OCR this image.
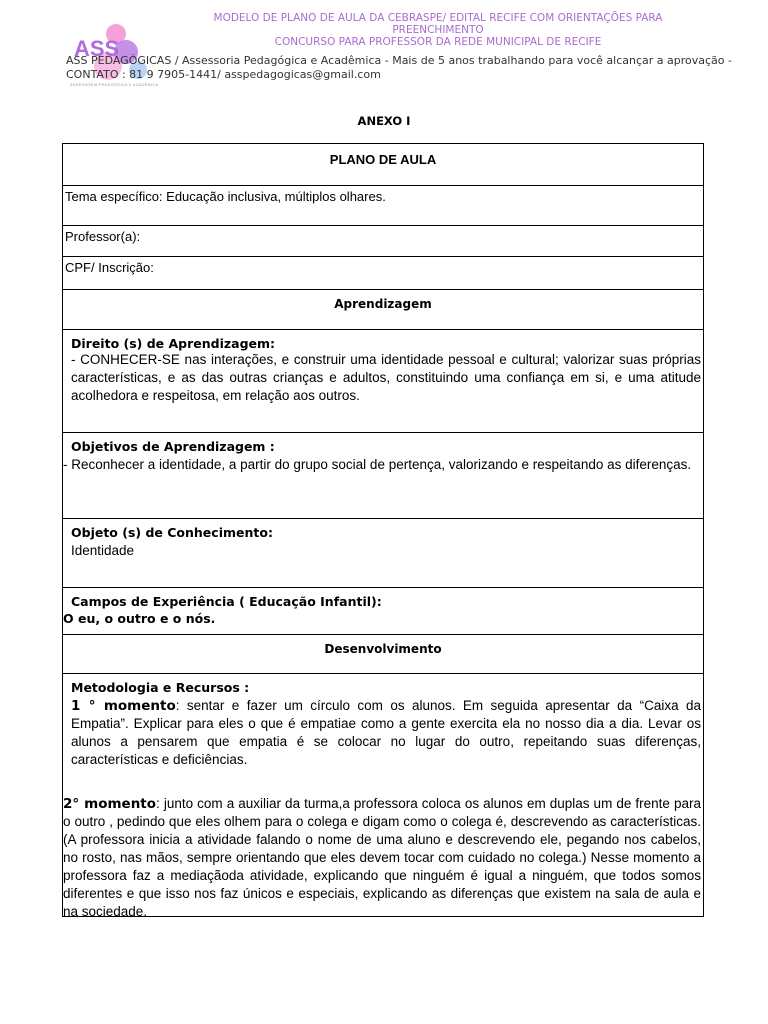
ASS
MODELO DE PLANO DE AULA DA CEBRASPE/ EDITAL RECIFE COM ORIENTAÇÕES PARA
PREENCHIMENTO
CONCURSO PARA PROFESSOR DA REDE MUNICIPAL DE RECIFE
ASS PEDAGÓGICAS / Assessoria Pedagógica e Acadêmica - Mais de 5 anos trabalhando para você alcançar a aprovação -
CONTATO : 81 9 7905-1441/ asspedagogicas@gmail.com
ASSESSORIA PEDAGÓGICA E ACADÊMICA
ANEXO I
PLANO DE AULA
Tema específico: Educação inclusiva, múltiplos olhares.
Professor(a):
CPF/ Inscrição:
Aprendizagem
Direito (s) de Aprendizagem:
- CONHECER-SE nas interações, e construir uma identidade pessoal e cultural; valorizar suas próprias características, e as das outras crianças e adultos, constituindo uma confiança em si, e uma atitude acolhedora e respeitosa, em relação aos outros.
Objetivos de Aprendizagem :
- Reconhecer a identidade, a partir do grupo social de pertença, valorizando e respeitando as diferenças.
Objeto (s) de Conhecimento:
Identidade
Campos de Experiência ( Educação Infantil):
O eu, o outro e o nós.
Desenvolvimento
Metodologia e Recursos :
1 ° momento: sentar e fazer um círculo com os alunos. Em seguida apresentar da “Caixa da Empatia”. Explicar para eles o que é empatiae como a gente exercita ela no nosso dia a dia. Levar os alunos a pensarem que empatia é se colocar no lugar do outro, repeitando suas diferenças, características e deficiências.
2° momento: junto com a auxiliar da turma,a professora coloca os alunos em duplas um de frente para o outro , pedindo que eles olhem para o colega e digam como o colega é, descrevendo as características. (A professora inicia a atividade falando o nome de uma aluno e descrevendo ele, pegando nos cabelos, no rosto, nas mãos, sempre orientando que eles devem tocar com cuidado no colega.) Nesse momento a professora faz a mediaçãoda atividade, explicando que ninguém é igual a ninguém, que todos somos diferentes e que isso nos faz únicos e especiais, explicando as diferenças que existem na sala de aula e na sociedade.
